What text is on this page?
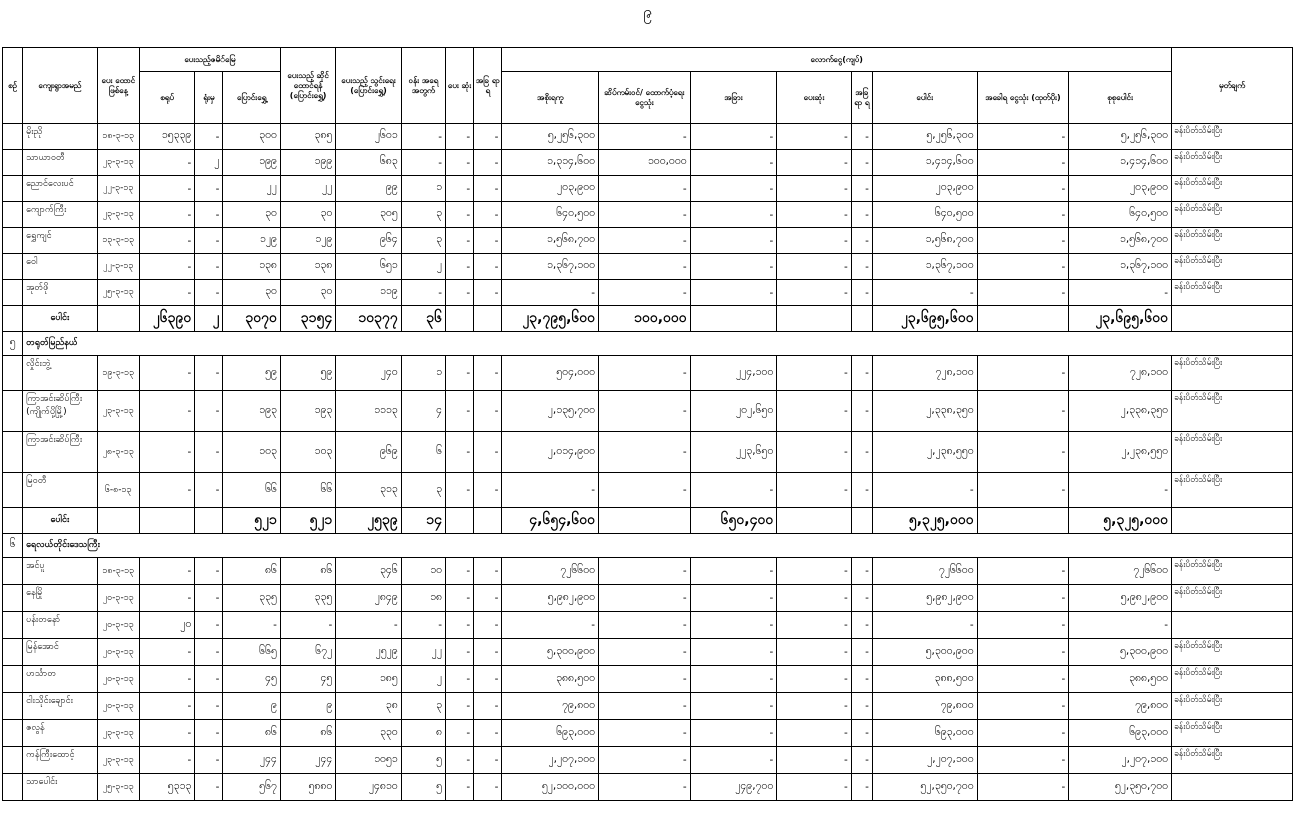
၉
စဥ်	ကျေးရွာအမည်	ပေး ထောင် ဖြစ်နေ့	ပေးသည့်ဇမိ်မြေ			ပေးသည့် ဆိုင် ထောင်ရန် (ပြောင်းရွှေ့)	ပေးသည့် သွင်းရေး (ပြောင်းရွှေ့)	ဝန်း အရေ အတွက်	ပေး ဆုံး	အခြ ရာ ရ	လောက်ငွေ(ကျပ်)								မှတ်ချက်
			စရုပ်	ရုံးမှ	ပြောင်းရွှေ့						အစိုးရကူ	ဆိပ်ကမ်းဝင်/ ထောက်ပံ့ရေး ငွေသုံး	အခြား	ပေးဆုံး	အခြ ရာ ရ	ပေါင်း	အခေါရ ငွေသုံး (ထုတ်ပိုး)	စုစုပေါင်း	
	မိုးညို	၁၈-၃-၁၃	၁၅၃၃၉	-	၃၀၀	၃၈၅	၂၆၀၁	-	-	-	၅,၂၅၆,၃၀၀	-	-	-	-	၅,၂၅၆,၃၀၀	-	၅,၂၅၆,၃၀၀	ခန်းပိတ်သိမ်းပြီး
	သာယာဝတီ	၂၃-၃-၁၃	-	၂	၁၉၉	၁၉၉	၆၈၃	-	-	-	၁,၃၁၄,၆၀၀	၁၀၀,၀၀၀	-	-	-	၁,၄၁၄,၆၀၀	-	၁,၄၁၄,၆၀၀	ခန်းပိတ်သိမ်းပြီး
	ညောင်လေးပင်	၂၂-၃-၁၃	-	-	၂၂	၂၂	၉၉	၁	-	-	၂၀၃,၉၀၀	-	-	-	-	၂၀၃,၉၀၀	-	၂၀၃,၉၀၀	ခန်းပိတ်သိမ်းပြီး
	ကျောက်ကြီး	၂၃-၃-၁၃	-	-	၃၀	၃၀	၃၀၅	၃	-	-	၆၄၀,၅၀၀	-	-	-	-	၆၄၀,၅၀၀	-	၆၄၀,၅၀၀	ခန်းပိတ်သိမ်းပြီး
	ရွှေကျင်	၁၃-၃-၁၃	-	-	၁၂၉	၁၂၉	၉၆၄	၃	-	-	၁,၅၆၈,၇၀၀	-	-	-	-	၁,၅၆၈,၇၀၀	-	၁,၅၆၈,၇၀၀	ခန်းပိတ်သိမ်းပြီး
	ဝေါ	၂၂-၃-၁၃	-	-	၁၃၈	၁၃၈	၆၅၁	၂	-	-	၁,၃၆၇,၁၀၀	-	-	-	-	၁,၃၆၇,၁၀၀	-	၁,၃၆၇,၁၀၀	ခန်းပိတ်သိမ်းပြီး
	အုတ်ဖို	၂၅-၃-၁၃	-	-	၃၀	၃၀	၁၁၉	-	-	-	-	-	-	-	-	-	-	-	ခန်းပိတ်သိမ်းပြီး
	ပေါင်း		၂၆၃၉၀	၂	၃၀၇၀	၃၁၅၄	၁၀၃၇၇	၃၆			၂၃,၇၉၅,၆၀၀	၁၀၀,၀၀၀				၂၃,၆၉၅,၆၀၀		၂၃,၆၉၅,၆၀၀	
၅	တရုတ်မြည်နယ်																		
	လှိုင်းဘွဲ့	၁၉-၃-၁၃	-	-	၅၉	၅၉	၂၄၀	၁	-	-	၅၀၄,၀၀၀	-	၂၂၄,၁၀၀	-	-	၇၂၈,၁၀၀	-	၇၂၈,၁၀၀	ခန်းပိတ်သိမ်းပြီး
	ကြာအင်းဆိပ်ကြီး (ကျိုက်ပို့မြို့)	၂၃-၃-၁၃	-	-	၁၉၃	၁၉၃	၁၁၁၃	၄	-	-	၂,၁၃၅,၇၀၀	-	၂၀၂,၆၅၀	-	-	၂,၃၃၈,၃၅၀	-	၂,၃၃၈,၃၅၀	ခန်းပိတ်သိမ်းပြီး
	ကြာအင်းဆိပ်ကြီး	၂၈-၃-၁၃	-	-	၁၀၃	၁၀၃	၉၆၉	၆	-	-	၂,၀၁၄,၉၀၀	-	၂၂၃,၆၅၀	-	-	၂,၂၃၈,၅၅၀	-	၂,၂၃၈,၅၅၀	ခန်းပိတ်သိမ်းပြီး
	မြဝတီ	၆-၈-၁၃	-	-	၆၆	၆၆	၃၁၃	၃	-	-	-	-	-	-	-	-	-	-	ခန်းပိတ်သိမ်းပြီး
	ပေါင်း				၅၂၁	၅၂၁	၂၅၃၉	၁၄			၄,၆၅၄,၆၀၀		၆၅၀,၄၀၀			၅,၃၂၅,၀၀၀		၅,၃၂၅,၀၀၀	
၆	ရေလယ်တိုင်းဒေသကြီး																		
	အင်ပူ	၁၈-၃-၁၃	-	-	၈၆	၈၆	၃၄၆	၁၀	-	-	၇၂၆၆၀၀	-	-	-	-	၇၂၆၆၀၀	-	၇၂၆၆၀၀	ခန်းပိတ်သိမ်းပြီး
	နေမြို	၂၀-၃-၁၃	-	-	၃၃၅	၃၃၅	၂၈၄၉	၁၈	-	-	၅,၉၈၂,၉၀၀	-	-	-	-	၅,၉၈၂,၉၀၀	-	၅,၉၈၂,၉၀၀	ခန်းပိတ်သိမ်းပြီး
	ပန်းတနော်	၂၀-၃-၁၃	၂၀	-	-	-	-	-	-	-	-	-	-	-	-	-	-	-	
	မြန်အောင်	၂၀-၃-၁၃	-	-	၆၆၅	၆၇၂	၂၅၂၉	၂၂	-	-	၅,၃၀၀,၉၀၀	-	-	-	-	၅,၃၀၀,၉၀၀	-	၅,၃၀၀,၉၀၀	ခန်းပိတ်သိမ်းပြီး
	ဟင်္သာတ	၂၀-၃-၁၃	-	-	၄၅	၄၅	၁၈၅	၂	-	-	၃၈၈,၅၀၀	-	-	-	-	၃၈၈,၅၀၀	-	၃၈၈,၅၀၀	ခန်းပိတ်သိမ်းပြီး
	ငါးသိုင်းချောင်း	၂၀-၃-၁၃	-	-	၉	၉	၃၈	၃	-	-	၇၉,၈၀၀	-	-	-	-	၇၉,၈၀၀	-	၇၉,၈၀၀	ခန်းပိတ်သိမ်းပြီး
	ဇလွန်	၂၃-၃-၁၃	-	-	၈၆	၈၆	၃၃၀	၈	-	-	၆၉၃,၀၀၀	-	-	-	-	၆၉၃,၀၀၀	-	၆၉၃,၀၀၀	ခန်းပိတ်သိမ်းပြီး
	ကန်ကြီးထောင့်	၂၃-၃-၁၃	-	-	၂၄၄	၂၄၄	၁၀၅၁	၅	-	-	၂,၂၀၇,၁၀၀	-	-	-	-	၂,၂၀၇,၁၀၀	-	၂,၂၀၇,၁၀၀	ခန်းပိတ်သိမ်းပြီး
	သာပေါင်း	၂၅-၃-၁၃	၅၃၁၃	-	၅၆၇	၅၈၈၀	၂၄၈၁၀	၅	-	-	၅၂,၁၀၀,၀၀၀	-	၂၄၉,၇၀၀	-	-	၅၂,၃၅၀,၇၀၀	-	၅၂,၃၅၀,၇၀၀	
